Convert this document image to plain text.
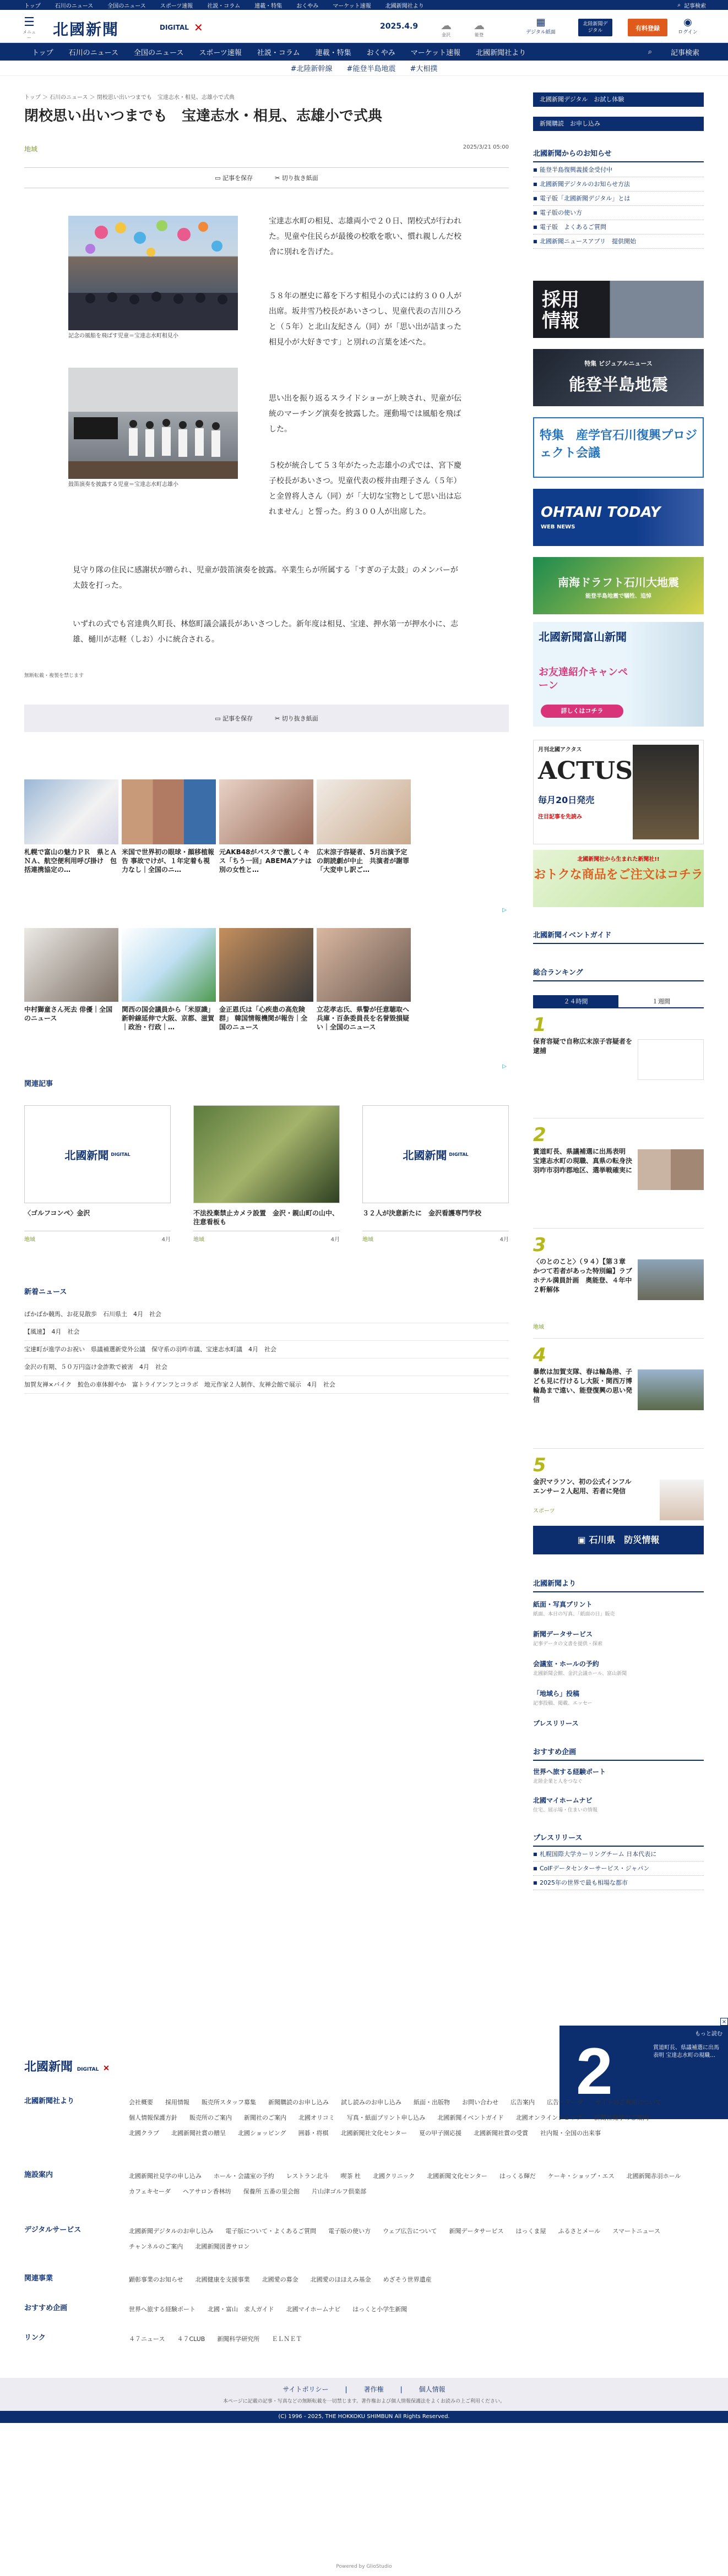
トップ	石川のニュース	全国のニュース	スポーツ速報	社説・コラム	連載・特集	おくやみ	マーケット速報	北國新聞社より	⌕ 記事検索
☰
メニュー	北國新聞	DIGITAL ✕	2025.4.9	☁
金沢
☁
能登
▦
デジタル紙面
北陸新聞デジタル	有料登録
◉
ログイン
トップ	石川のニュース	全国のニュース	スポーツ速報	社説・コラム	連載・特集	おくやみ	マーケット速報	北國新聞社より	⌕	記事検索
#北陸新幹線 #能登半島地震 #大相撲
トップ ＞ 石川のニュース ＞ 閉校思い出いつまでも　宝達志水・相見、志雄小で式典
閉校思い出いつまでも　宝達志水・相見、志雄小で式典
地域	2025/3/21 05:00
▭ 記事を保存	✂ 切り抜き紙面
記念の風船を飛ばす児童＝宝達志水町相見小
鼓笛演奏を披露する児童＝宝達志水町志雄小

宝達志水町の相見、志雄両小で２０日、閉校式が行われた。児童や住民らが最後の校歌を歌い、慣れ親しんだ校舎に別れを告げた。

５８年の歴史に幕を下ろす相見小の式には約３００人が出席。坂井雪乃校長があいさつし、児童代表の吉川ひろと（５年）と北山友紀さん（同）が「思い出が詰まった相見小が大好きです」と別れの言葉を述べた。

思い出を振り返るスライドショーが上映され、児童が伝統のマーチング演奏を披露した。運動場では風船を飛ばした。

５校が統合して５３年がたった志雄小の式では、宮下慶子校長があいさつ。児童代表の桜井由理子さん（５年）と金曽将人さん（同）が「大切な宝物として思い出は忘れません」と誓った。約３００人が出席した。

見守り隊の住民に感謝状が贈られ、児童が鼓笛演奏を披露。卒業生らが所属する「すぎの子太鼓」のメンバーが太鼓を打った。

いずれの式でも宮達典久町長、林悠町議会議長があいさつした。新年度は相見、宝達、押水第一が押水小に、志雄、樋川が志軽（しお）小に統合される。

無断転載・複製を禁じます
▭ 記事を保存	✂ 切り抜き紙面
札幌で富山の魅力ＰＲ　県とＡＮＡ、航空便利用呼び掛け　包括連携協定の…
米国で世界初の眼球・顔移植報告 事故でけが、１年定着も視力なし｜全国のニ…
元AKB48がパスタで激しくキス「ちう一回」ABEMAアナは別の女性と…
広末涼子容疑者、5月出演予定の朗読劇が中止　共演者が謝罪「大変申し訳ご…
▷
中村獅童さん死去 俳優｜全国のニュース
関西の国会議員から「米原識」新幹線延伸で大阪、京都、滋賀｜政治・行政｜…
金正恩氏は「心疾患の高危険群」 韓国情報機関が報告｜全国のニュース
立花孝志氏、県警が任意聴取へ 兵庫・百条委員長を名誉毀損疑い｜全国のニュース
▷
関連記事
北國新聞 DIGITAL
〈ゴルフコンペ〉金沢
地域	4月
不法投棄禁止カメラ設置　金沢・親山町の山中、注意看板も
地域	4月
北國新聞 DIGITAL
３２人が決意新たに　金沢看護専門学校
地域	4月
新着ニュース
ぱかばか競馬、お花見散歩　石川県土　4月　社会
【風速】　4月　社会
宝達町が進学のお祝い　県議補選新党外公議　保守系の羽咋市議、宝達志水町議　4月　社会
金沢の有期、５０万円盗け金詐欺で被害　4月　社会
加賀友禅×バイク　鮫色の車体鮮やか　富トライアンフとコラボ　地元作家２人制作、友禅会館で展示　4月　社会
北國新聞デジタル　お試し体験
新聞購読　お申し込み
北國新聞からのお知らせ
■ 能登半島復興義援金受付中
■ 北國新聞デジタルのお知らせ方法
■ 電子版「北國新聞デジタル」とは
■ 電子版の使い方
■ 電子版　よくあるご質問
■ 北國新聞ニュースアプリ　提供開始
採用
情報
特集 ビジュアルニュース
能登半島地震
特集　産学官石川復興プロジェクト会議
OHTANI TODAY
WEB NEWS
南海ドラフト石川大地震
能登半島地震で犠牲、追悼
北國新聞富山新聞
お友達紹介キャンペーン
詳しくはコチラ
月刊北國アクタス
ACTUS
毎月20日発売
注目記事を先読み
北國新聞社から生まれた新聞社!!
おトクな商品をご注文はコチラ
北國新聞イベントガイド
総合ランキング
２４時間	１週間
1
保育容疑で自称広末涼子容疑者を逮捕
2
賞道町長、県議補選に出馬表明 宝達志水町の現職、真県の転身決羽咋市羽咋郡地区、選挙戦確実に
3
〈のとのこと〉（９４）【第３章　かつて若者があった特別編】ラブホテル満員計画　奥能登、４年中２軒解体
地域
4
暴飲は加賀支隊、春は輪島港、子ども見に行けるし大阪・関西万博輪島まで遠い、能登復興の思い発信
5
金沢マラソン、初の公式インフルエンサー２人起用、若者に発信
スポーツ
▣ 石川県　防災情報
北國新聞より
紙面・写真プリント
紙面、本日の写真、「紙面の日」販売
新聞データサービス
記事データの文書を提供・探索
会議室・ホールの予約
北國新聞会館、金沢会議ホール、富山新聞
「地域ら」投稿
記事投稿、掲載、エッセー
プレスリリース
おすすめ企画
世界へ旅する経験ポート
北陸企業と人をつなぐ
北國マイホームナビ
住宅、展示場・住まいの情報
プレスリリース
■ 札幌国際大学カーリングチーム 日本代表に
■ CoIFデータセンターサービス・ジャパン
■ 2025年の世界で最も相場な都市
×
もっと読む
2	賞道町長、県議補選に出馬表明 宝達志水町の現職…
北國新聞 DIGITAL ✕
北國新聞社より	会社概要 採用情報 販売所スタッフ募集 新聞購読のお申し込み 試し読みのお申し込み 紙面・出版物 お問い合わせ 広告案内 広告・データ サイトのご利用について個人情報保護方針 販売所のご案内 新聞社のご案内 北國オリコミ 写真・紙面プリント申し込み 北國新聞イベントガイド 北國オンラインショップ 新聞社見学のご案内北國クラブ 北國新聞社賞の贈呈 北國ショッピング 囲碁・将棋 北國新聞社文化センター 夏の甲子園応援 北國新聞社賞の受賞 社内報・全国の出来事
施設案内	北國新聞社見学の申し込み ホール・会議室の予約 レストラン北斗 喫茶 杜 北國クリニック 北國新聞文化センター はっくる輝だ ケーキ・ショップ・エス 北國新聞赤羽ホールカフェキセーダ ヘアサロン香林坊 保養所 五番の里会館 片山津ゴルフ倶楽部
デジタルサービス	北國新聞デジタルのお申し込み 電子版について・よくあるご質問 電子版の使い方 ウェブ広告について 新聞データサービス はっくま屋 ふるさとメール スマートニュースチャンネルのご案内 北國新聞図書サロン
関連事業	顕彰事業のお知らせ 北國健康を支援事業 北國愛の募金 北國愛のほほえみ基金 めざそう世界遺産
おすすめ企画	世界へ旅する経験ポート 北國・富山　求人ガイド 北國マイホームナビ はっくと小学生新聞
リンク	４７ニュース ４７CLUB 新聞科学研究所 ＥＬＮＥＴ
サイトポリシー	|	著作権	|	個人情報
本ページに記載の記事・写真などの無断転載を一切禁じます。著作権および個人情報保護法をよくお読みの上ご利用ください。
(C) 1996 - 2025, THE HOKKOKU SHIMBUN All Rights Reserved.
Powered by GlioStudio
